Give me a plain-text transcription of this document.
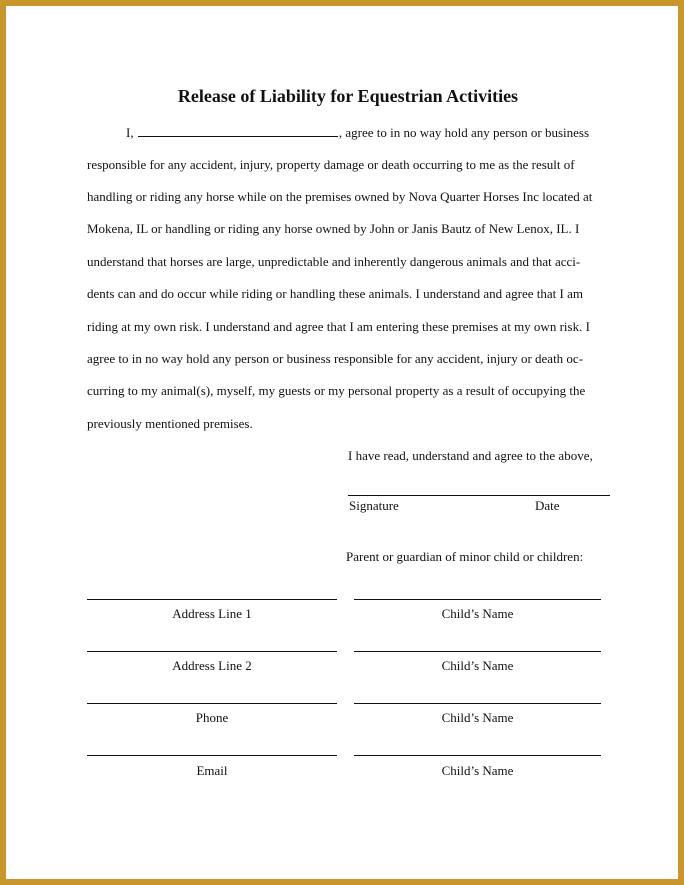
Release of Liability for Equestrian Activities
I,	, agree to in no way hold any person or business
responsible for any accident, injury, property damage or death occurring to me as the result of
handling or riding any horse while on the premises owned by Nova Quarter Horses Inc located at
Mokena, IL or handling or riding any horse owned by John or Janis Bautz of New Lenox, IL. I
understand that horses are large, unpredictable and inherently dangerous animals and that acci-
dents can and do occur while riding or handling these animals. I understand and agree that I am
riding at my own risk. I understand and agree that I am entering these premises at my own risk. I
agree to in no way hold any person or business responsible for any accident, injury or death oc-
curring to my animal(s), myself, my guests or my personal property as a result of occupying the
previously mentioned premises.
I have read, understand and agree to the above,
Signature	Date
Parent or guardian of minor child or children:
Address Line 1	Child’s Name
Address Line 2	Child’s Name
Phone	Child’s Name
Email	Child’s Name
